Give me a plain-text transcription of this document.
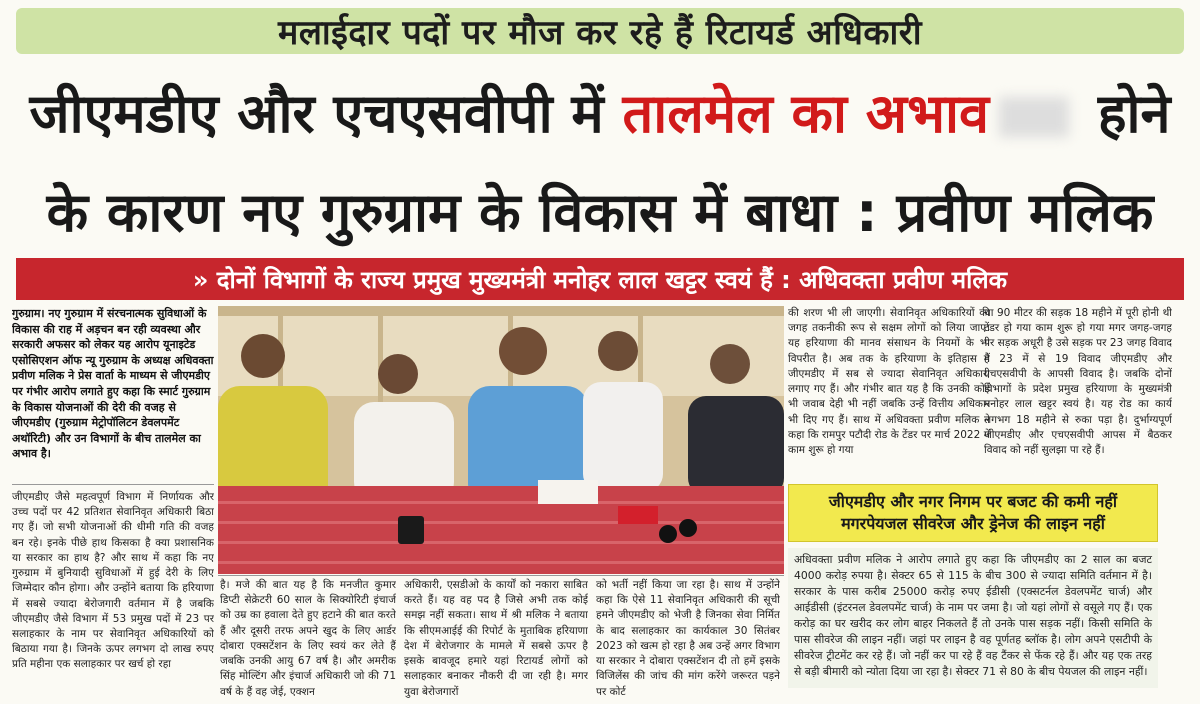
मलाईदार पदों पर मौज कर रहे हैं रिटायर्ड अधिकारी
जीएमडीए और एचएसवीपी में तालमेल का अभाव होने
के कारण नए गुरुग्राम के विकास में बाधा : प्रवीण मलिक
» दोनों विभागों के राज्य प्रमुख मुख्यमंत्री मनोहर लाल खट्टर स्वयं हैं : अधिवक्ता प्रवीण मलिक
गुरुग्राम। नए गुरुग्राम में संरचनात्मक सुविधाओं के विकास की राह में अड़चन बन रही व्यवस्था और सरकारी अफसर को लेकर यह आरोप यूनाइटेड एसोसिएशन ऑफ न्यू गुरुग्राम के अध्यक्ष अधिवक्ता प्रवीण मलिक ने प्रेस वार्ता के माध्यम से जीएमडीए पर गंभीर आरोप लगाते हुए कहा कि स्मार्ट गुरुग्राम के विकास योजनाओं की देरी की वजह से जीएमडीए (गुरुग्राम मेट्रोपॉलिटन डेवलपमेंट अथॉरिटी) और उन विभागों के बीच तालमेल का अभाव है।
जीएमडीए जैसे महत्वपूर्ण विभाग में निर्णायक और उच्च पदों पर 42 प्रतिशत सेवानिवृत अधिकारी बिठा गए हैं। जो सभी योजनाओं की धीमी गति की वजह बन रहे। इनके पीछे हाथ किसका है क्या प्रशासनिक या सरकार का हाथ है? और साथ में कहा कि नए गुरुग्राम में बुनियादी सुविधाओं में हुई देरी के लिए जिम्मेदार कौन होगा। और उन्होंने बताया कि हरियाणा में सबसे ज्यादा बेरोजगारी वर्तमान में है जबकि जीएमडीए जैसे विभाग में 53 प्रमुख पदों में 23 पर सलाहकार के नाम पर सेवानिवृत अधिकारियों को बिठाया गया है। जिनके ऊपर लगभग दो लाख रुपए प्रति महीना एक सलाहकार पर खर्च हो रहा
है। मजे की बात यह है कि मनजीत कुमार डिप्टी सेक्रेटरी 60 साल के सिक्योरिटी इंचार्ज को उम्र का हवाला देते हुए हटाने की बात करते हैं और दूसरी तरफ अपने खुद के लिए आर्डर दोबारा एक्सटेंशन के लिए स्वयं कर लेते हैं जबकि उनकी आयु 67 वर्ष है। और अमरीक सिंह मोल्टिंग और इंचार्ज अधिकारी जो की 71 वर्ष के हैं वह जेई, एक्शन
अधिकारी, एसडीओ के कार्यों को नकारा साबित करते हैं। यह वह पद है जिसे अभी तक कोई समझ नहीं सकता। साथ में श्री मलिक ने बताया कि सीएमआईई की रिपोर्ट के मुताबिक हरियाणा देश में बेरोजगार के मामले में सबसे ऊपर है इसके बावजूद हमारे यहां रिटायर्ड लोगों को सलाहकार बनाकर नौकरी दी जा रही है। मगर युवा बेरोजगारों
को भर्ती नहीं किया जा रहा है। साथ में उन्होंने कहा कि ऐसे 11 सेवानिवृत अधिकारी की सूची हमने जीएमडीए को भेजी है जिनका सेवा निर्मित के बाद सलाहकार का कार्यकाल 30 सितंबर 2023 को खत्म हो रहा है अब उन्हें अगर विभाग या सरकार ने दोबारा एक्सटेंशन दी तो हमें इसके विजिलेंस की जांच की मांग करेंगे जरूरत पड़ने पर कोर्ट
की शरण भी ली जाएगी। सेवानिवृत अधिकारियों की जगह तकनीकी रूप से सक्षम लोगों को लिया जाए। यह हरियाणा की मानव संसाधन के नियमों के भी विपरीत है। अब तक के हरियाणा के इतिहास में जीएमडीए में सब से ज्यादा सेवानिवृत अधिकारी लगाए गए हैं। और गंभीर बात यह है कि उनकी कोई भी जवाब देही भी नहीं जबकि उन्हें वित्तीय अधिकार भी दिए गए हैं। साथ में अधिवक्ता प्रवीण मलिक ने कहा कि रामपुर पटौदी रोड के टेंडर पर मार्च 2022 में काम शुरू हो गया
था 90 मीटर की सड़क 18 महीने में पूरी होनी थी टेंडर हो गया काम शुरू हो गया मगर जगह-जगह पर सड़क अधूरी है उसे सड़क पर 23 जगह विवाद है 23 में से 19 विवाद जीएमडीए और एचएसवीपी के आपसी विवाद है। जबकि दोनों विभागों के प्रदेश प्रमुख हरियाणा के मुख्यमंत्री मनोहर लाल खट्टर स्वयं है। यह रोड का कार्य लगभग 18 महीने से रुका पड़ा है। दुर्भाग्यपूर्ण जीएमडीए और एचएसवीपी आपस में बैठकर विवाद को नहीं सुलझा पा रहे हैं।
जीएमडीए और नगर निगम पर बजट की कमी नहीं
मगरपेयजल सीवरेज और ड्रेनेज की लाइन नहीं
अधिवक्ता प्रवीण मलिक ने आरोप लगाते हुए कहा कि जीएमडीए का 2 साल का बजट 4000 करोड़ रुपया है। सेक्टर 65 से 115 के बीच 300 से ज्यादा समिति वर्तमान में है। सरकार के पास करीब 25000 करोड़ रुपए ईडीसी (एक्सटर्नल डेवलपमेंट चार्ज) और आईडीसी (इंटरनल डेवलपमेंट चार्ज) के नाम पर जमा है। जो यहां लोगों से वसूले गए हैं। एक करोड़ का घर खरीद कर लोग बाहर निकलते हैं तो उनके पास सड़क नहीं। किसी समिति के पास सीवरेज की लाइन नहीं। जहां पर लाइन है वह पूर्णतह ब्लॉक है। लोग अपने एसटीपी के सीवरेज ट्रीटमेंट कर रहे हैं। जो नहीं कर पा रहे हैं वह टैंकर से फेंक रहे हैं। और यह एक तरह से बड़ी बीमारी को न्योता दिया जा रहा है। सेक्टर 71 से 80 के बीच पेयजल की लाइन नहीं।
